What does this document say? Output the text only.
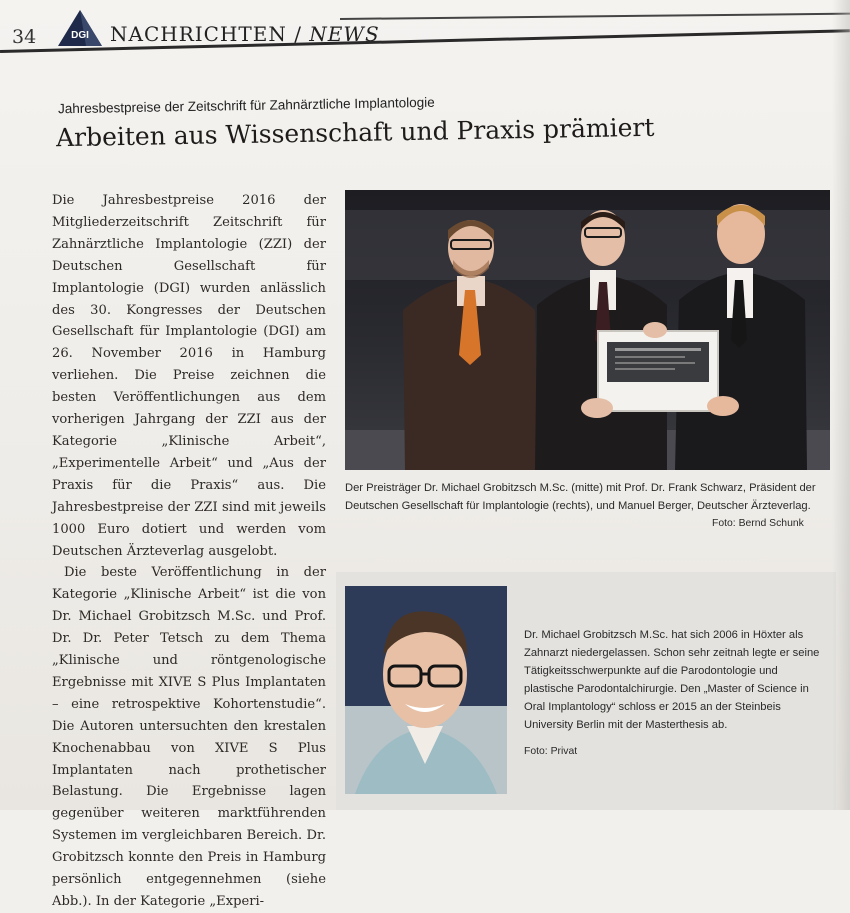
34	DGI NACHRICHTEN / NEWS
Jahresbestpreise der Zeitschrift für Zahnärztliche Implantologie
Arbeiten aus Wissenschaft und Praxis prämiert

Die Jahresbestpreise 2016 der Mitgliederzeitschrift Zeitschrift für Zahnärztliche Implantologie (ZZI) der Deutschen Gesellschaft für Implantologie (DGI) wurden anlässlich des 30. Kongresses der Deutschen Gesellschaft für Implantologie (DGI) am 26. November 2016 in Hamburg verliehen. Die Preise zeichnen die besten Veröffentlichungen aus dem vorherigen Jahrgang der ZZI aus der Kategorie „Klinische Arbeit“, „Experimentelle Arbeit“ und „Aus der Praxis für die Praxis“ aus. Die Jahresbestpreise der ZZI sind mit jeweils 1000 Euro dotiert und werden vom Deutschen Ärzteverlag ausgelobt.

Die beste Veröffentlichung in der Kategorie „Klinische Arbeit“ ist die von Dr. Michael Grobitzsch M.Sc. und Prof. Dr. Dr. Peter Tetsch zu dem Thema „Klinische und röntgenologische Ergebnisse mit XIVE S Plus Implantaten – eine retrospektive Kohortenstudie“. Die Autoren untersuchten den krestalen Knochenabbau von XIVE S Plus Implantaten nach prothetischer Belastung. Die Ergebnisse lagen gegenüber weiteren marktführenden Systemen im vergleichbaren Bereich. Dr. Grobitzsch konnte den Preis in Hamburg persönlich entgegennehmen (siehe Abb.). In der Kategorie „Experi-

Der Preisträger Dr. Michael Grobitzsch M.Sc. (mitte) mit Prof. Dr. Frank Schwarz, Präsident der Deutschen Gesellschaft für Implantologie (rechts), und Manuel Berger, Deutscher Ärzteverlag.
Foto: Bernd Schunk
Dr. Michael Grobitzsch M.Sc. hat sich 2006 in Höxter als Zahnarzt niedergelassen. Schon sehr zeitnah legte er seine Tätigkeitsschwerpunkte auf die Parodontologie und plastische Parodontalchirurgie. Den „Master of Science in Oral Implantology“ schloss er 2015 an der Steinbeis University Berlin mit der Masterthesis ab.
Foto: Privat
